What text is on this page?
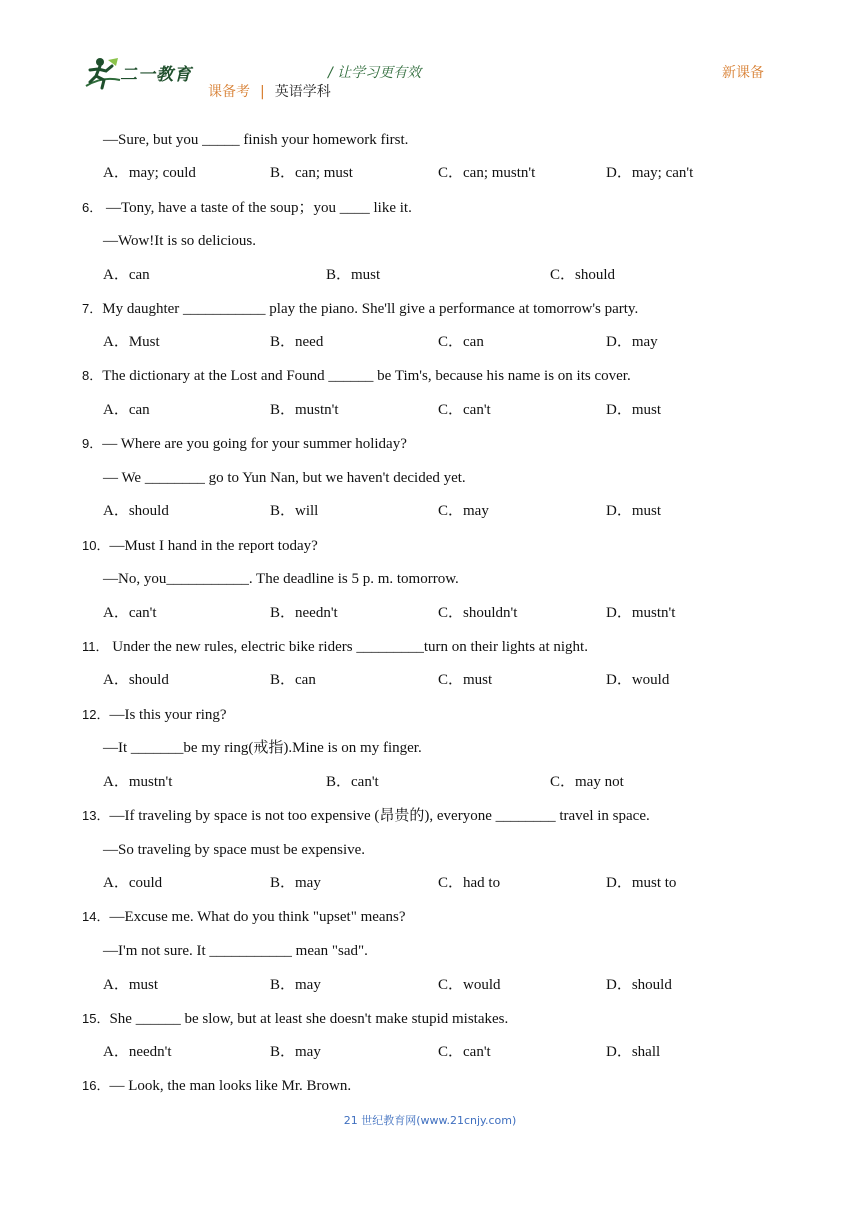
二一教育	/ 让学习更有效	新课备
课备考 | 英语学科
—Sure, but you _____ finish your homework first.
6． —Tony, have a taste of the soup；you ____ like it.
—Wow!It is so delicious.
7．My daughter ___________ play the piano. She'll give a performance at tomorrow's party.
8．The dictionary at the Lost and Found ______ be Tim's, because his name is on its cover.
9．— Where are you going for your summer holiday?
— We ________ go to Yun Nan, but we haven't decided yet.
10．—Must I hand in the report today?
—No, you___________. The deadline is 5 p. m. tomorrow.
11． Under the new rules, electric bike riders _________turn on their lights at night.
12．—Is this your ring?
—It _______be my ring(戒指).Mine is on my finger.
13．—If traveling by space is not too expensive (昂贵的), everyone ________ travel in space.
—So traveling by space must be expensive.
14．—Excuse me. What do you think "upset" means?
—I'm not sure. It ___________ mean "sad".
15．She ______ be slow, but at least she doesn't make stupid mistakes.
16．— Look, the man looks like Mr. Brown.
A．may; could	B．can; must	C．can; mustn't	D．may; can't
A．can	B．must	C．should
A．Must	B．need	C．can	D．may
A．can	B．mustn't	C．can't	D．must
A．should	B．will	C．may	D．must
A．can't	B．needn't	C．shouldn't	D．mustn't
A．should	B．can	C．must	D．would
A．mustn't	B．can't	C．may not
A．could	B．may	C．had to	D．must to
A．must	B．may	C．would	D．should
A．needn't	B．may	C．can't	D．shall
21 世纪教育网(www.21cnjy.com)
